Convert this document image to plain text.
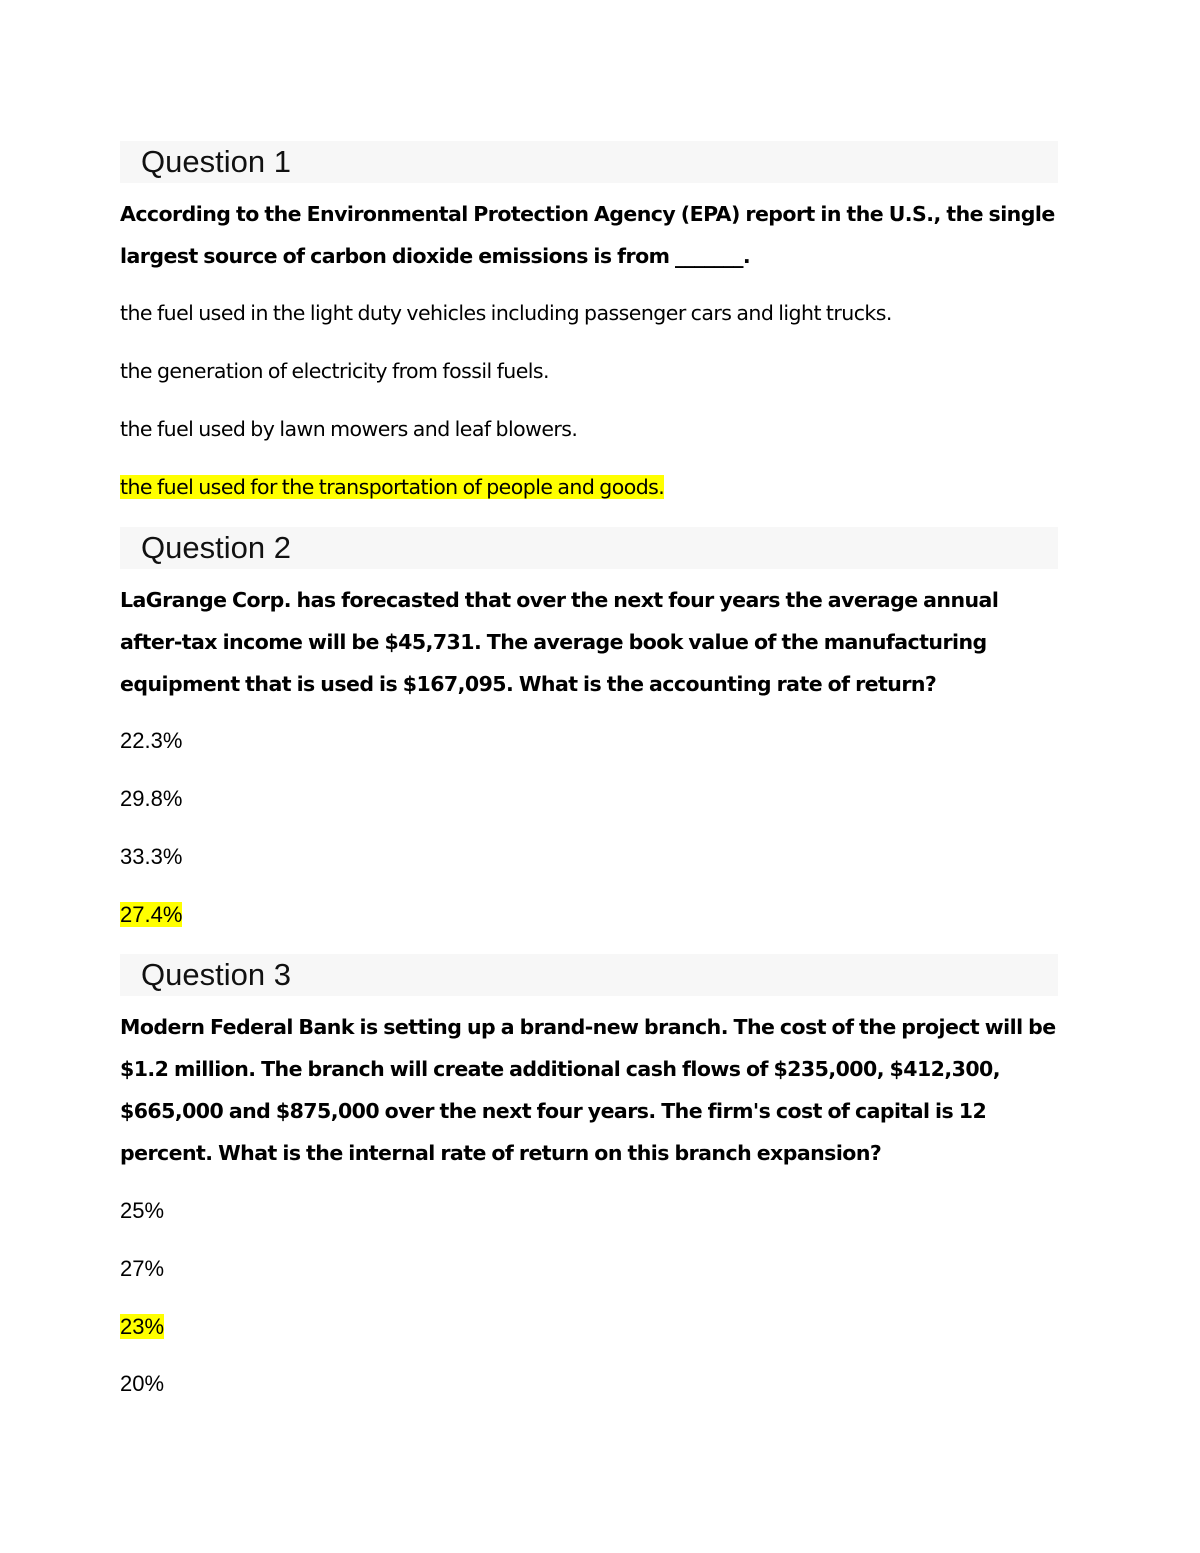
Question 1

According to the Environmental Protection Agency (EPA) report in the U.S., the single largest source of carbon dioxide emissions is from _______.

the fuel used in the light duty vehicles including passenger cars and light trucks.
the generation of electricity from fossil fuels.
the fuel used by lawn mowers and leaf blowers.
the fuel used for the transportation of people and goods.
Question 2

LaGrange Corp. has forecasted that over the next four years the average annual after-tax income will be $45,731. The average book value of the manufacturing equipment that is used is $167,095. What is the accounting rate of return?

22.3%
29.8%
33.3%
27.4%
Question 3

Modern Federal Bank is setting up a brand-new branch. The cost of the project will be $1.2 million. The branch will create additional cash flows of $235,000, $412,300, $665,000 and $875,000 over the next four years. The firm's cost of capital is 12 percent. What is the internal rate of return on this branch expansion?

25%
27%
23%
20%
